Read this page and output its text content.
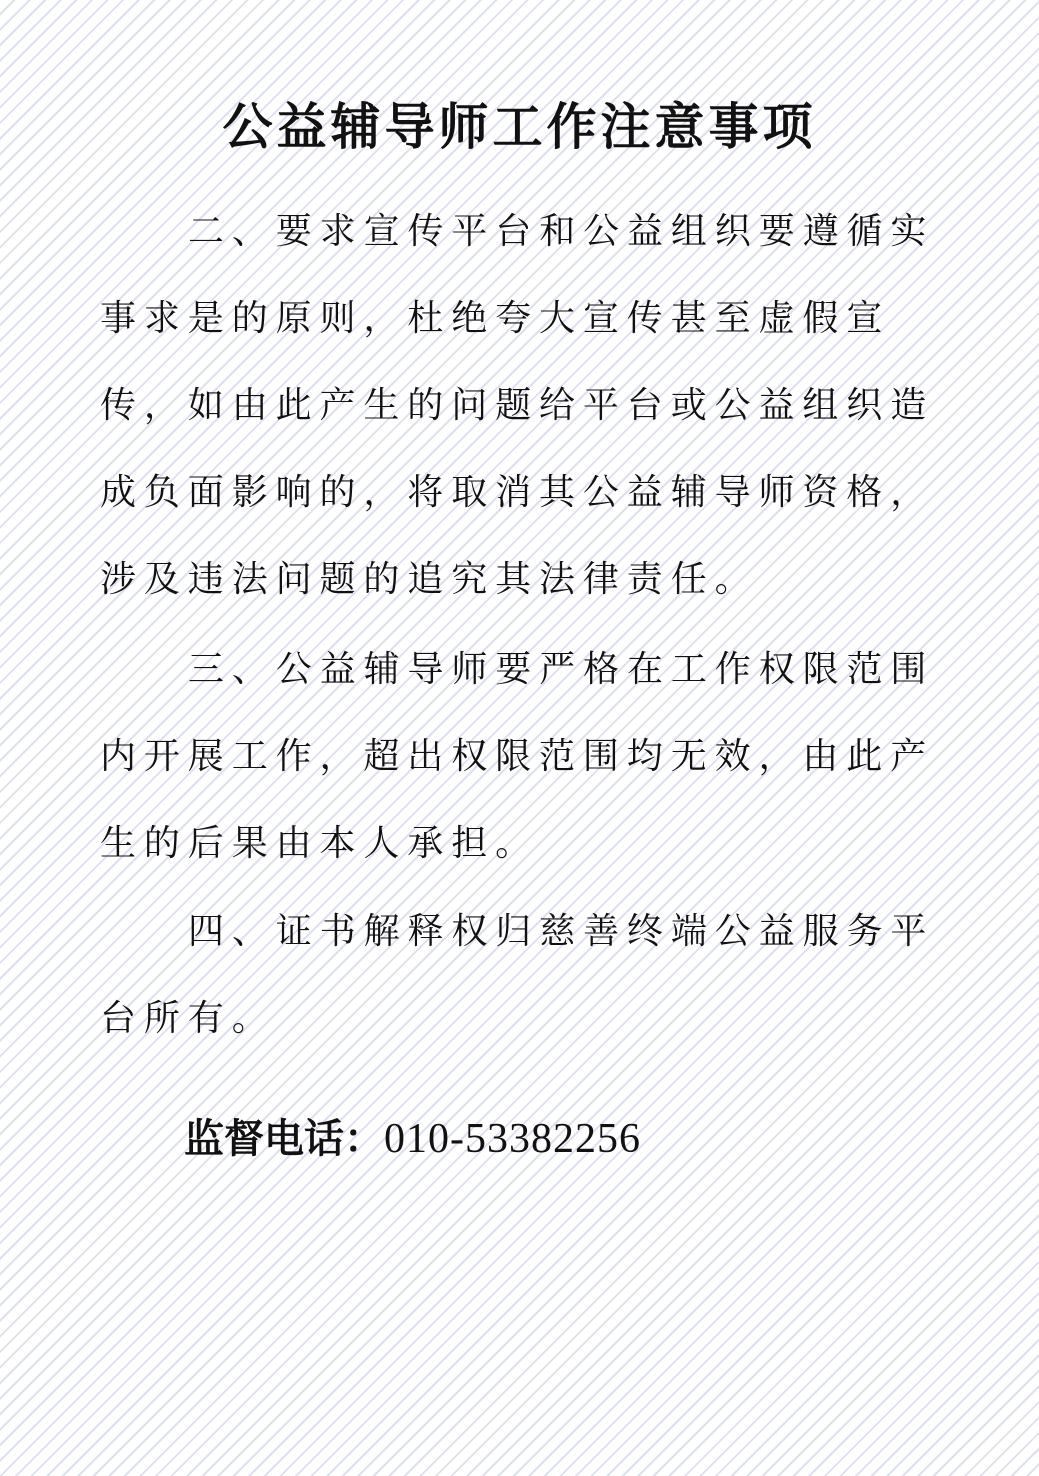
公益辅导师工作注意事项

二、要求宣传平台和公益组织要遵循实事求是的原则，杜绝夸大宣传甚至虚假宣传，如由此产生的问题给平台或公益组织造成负面影响的，将取消其公益辅导师资格，涉及违法问题的追究其法律责任。

三、公益辅导师要严格在工作权限范围内开展工作，超出权限范围均无效，由此产生的后果由本人承担。

四、证书解释权归慈善终端公益服务平台所有。

监督电话：010-53382256
